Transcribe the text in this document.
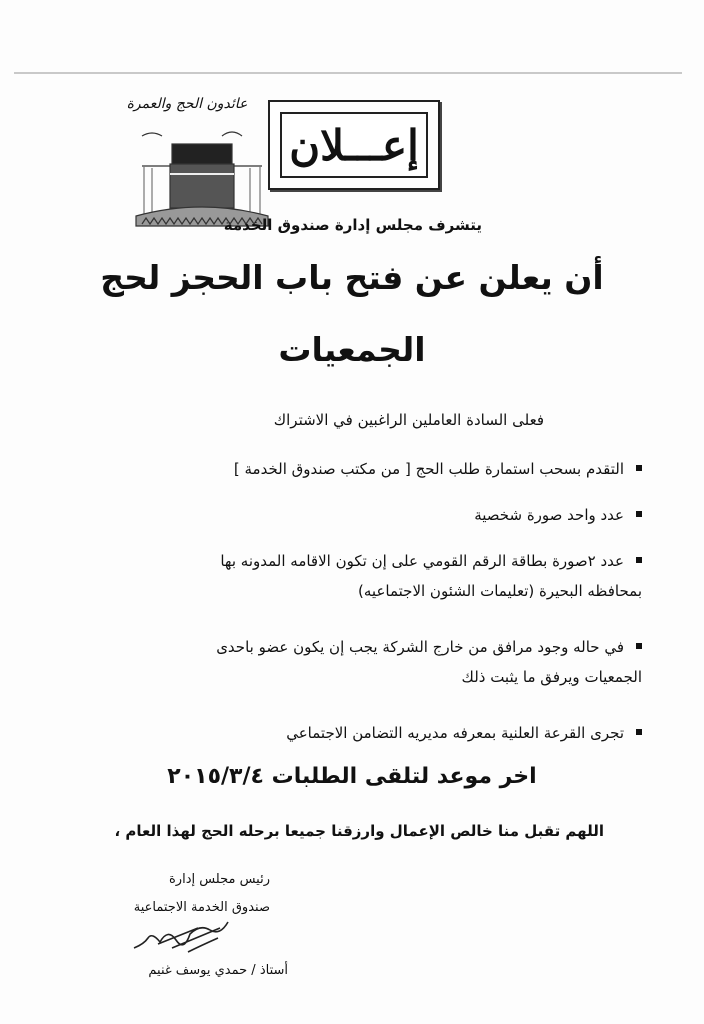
عائدون الحج والعمرة
إعـــلان
يتشرف مجلس إدارة صندوق الخدمة
أن يعلن عن فتح باب الحجز لحج
الجمعيات
فعلى السادة العاملين الراغبين في الاشتراك
التقدم بسحب استمارة طلب الحج [ من مكتب صندوق الخدمة ]
عدد واحد صورة شخصية
عدد ٢صورة بطاقة الرقم القومي على إن تكون الاقامه المدونه بها
بمحافظه البحيرة (تعليمات الشئون الاجتماعيه)
في حاله وجود مرافق من خارج الشركة يجب إن يكون عضو باحدى
الجمعيات ويرفق ما يثبت ذلك
تجرى القرعة العلنية بمعرفه مديريه التضامن الاجتماعي
اخر موعد لتلقى الطلبات ٢٠١٥/٣/٤
اللهم تقبل منا خالص الإعمال وارزقنا جميعا برحله الحج لهذا العام ،
رئيس مجلس إدارة
صندوق الخدمة الاجتماعية
أستاذ / حمدي يوسف غنيم
